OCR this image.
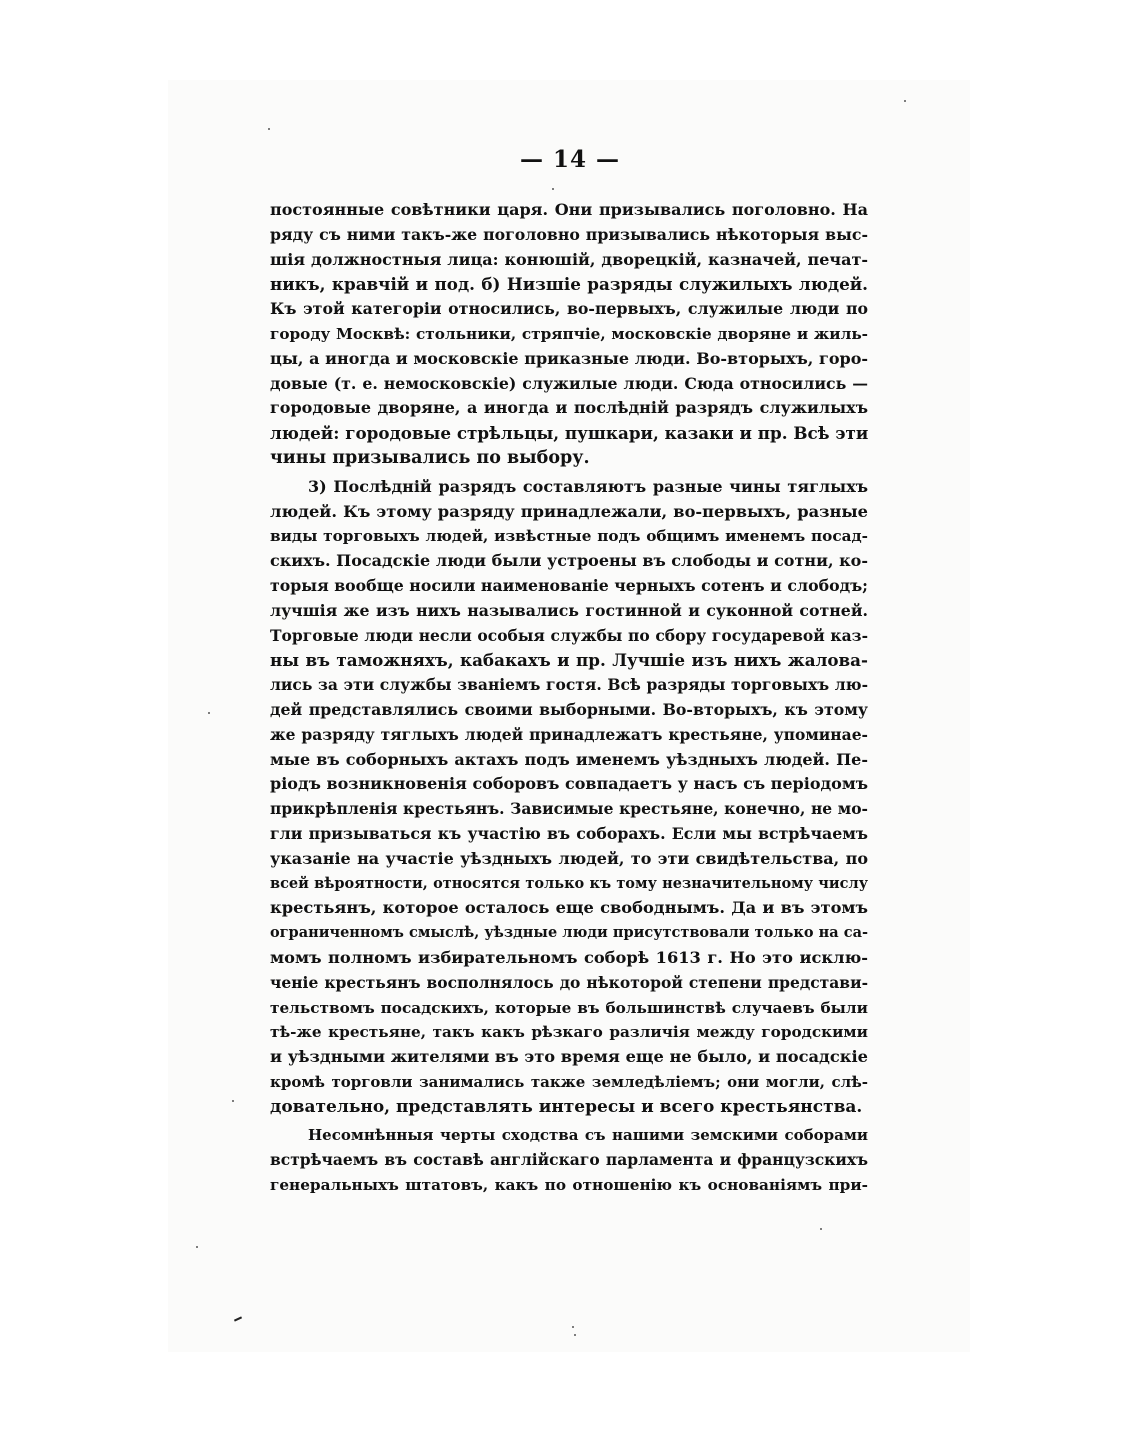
— 14 —
постоянные совѣтники царя. Они призывались поголовно. На
ряду съ ними такъ-же поголовно призывались нѣкоторыя выс-
шія должностныя лица: конюшій, дворецкій, казначей, печат-
никъ, кравчій и под. б) Низшіе разряды служилыхъ людей.
Къ этой категоріи относились, во-первыхъ, служилые люди по
городу Москвѣ: стольники, стряпчіе, московскіе дворяне и жиль-
цы, а иногда и московскіе приказные люди. Во-вторыхъ, горо-
довые (т. е. немосковскіе) служилые люди. Сюда относились —
городовые дворяне, а иногда и послѣдній разрядъ служилыхъ
людей: городовые стрѣльцы, пушкари, казаки и пр. Всѣ эти
чины призывались по выбору.
3) Послѣдній разрядъ составляютъ разные чины тяглыхъ
людей. Къ этому разряду принадлежали, во-первыхъ, разные
виды торговыхъ людей, извѣстные подъ общимъ именемъ посад-
скихъ. Посадскіе люди были устроены въ слободы и сотни, ко-
торыя вообще носили наименованіе черныхъ сотенъ и слободъ;
лучшія же изъ нихъ назывались гостинной и суконной сотней.
Торговые люди несли особыя службы по сбору государевой каз-
ны въ таможняхъ, кабакахъ и пр. Лучшіе изъ нихъ жалова-
лись за эти службы званіемъ гостя. Всѣ разряды торговыхъ лю-
дей представлялись своими выборными. Во-вторыхъ, къ этому
же разряду тяглыхъ людей принадлежатъ крестьяне, упоминае-
мые въ соборныхъ актахъ подъ именемъ уѣздныхъ людей. Пе-
ріодъ возникновенія соборовъ совпадаетъ у насъ съ періодомъ
прикрѣпленія крестьянъ. Зависимые крестьяне, конечно, не мо-
гли призываться къ участію въ соборахъ. Если мы встрѣчаемъ
указаніе на участіе уѣздныхъ людей, то эти свидѣтельства, по
всей вѣроятности, относятся только къ тому незначительному числу
крестьянъ, которое осталось еще свободнымъ. Да и въ этомъ
ограниченномъ смыслѣ, уѣздные люди присутствовали только на са-
момъ полномъ избирательномъ соборѣ 1613 г. Но это исклю-
ченіе крестьянъ восполнялось до нѣкоторой степени представи-
тельствомъ посадскихъ, которые въ большинствѣ случаевъ были
тѣ-же крестьяне, такъ какъ рѣзкаго различія между городскими
и уѣздными жителями въ это время еще не было, и посадскіе
кромѣ торговли занимались также земледѣліемъ; они могли, слѣ-
довательно, представлять интересы и всего крестьянства.
Несомнѣнныя черты сходства съ нашими земскими соборами
встрѣчаемъ въ составѣ англійскаго парламента и французскихъ
генеральныхъ штатовъ, какъ по отношенію къ основаніямъ при-
